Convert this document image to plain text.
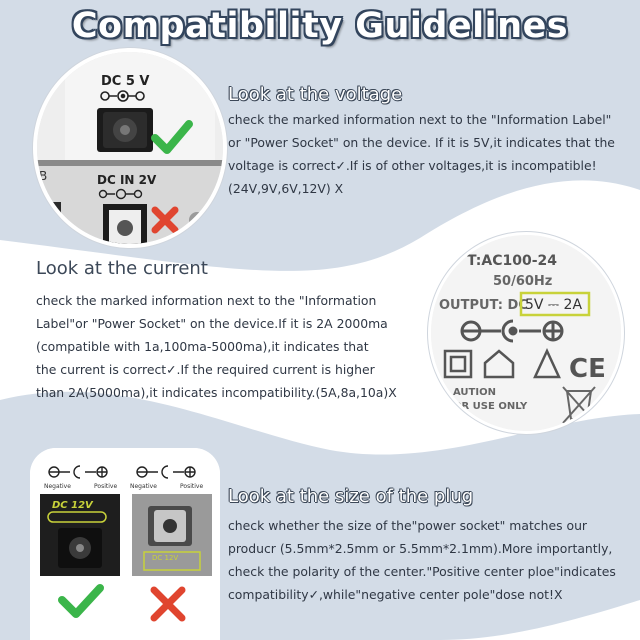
Compatibility Guidelines
DC 5 V
DC IN 2V
B
Look at the voltage
check the marked information next to the "Information Label"
or "Power Socket" on the device. If it is 5V,it indicates that the
voltage is correct✓.If is of other voltages,it is incompatible!
(24V,9V,6V,12V) X
Look at the current
check the marked information next to the "Information
Label"or "Power Socket" on the device.If it is 2A 2000ma
(compatible with 1a,100ma-5000ma),it indicates that
the current is correct✓.If the required current is higher
than 2A(5000ma),it indicates incompatibility.(5A,8a,10a)X
T:AC100-24
50/60Hz
OUTPUT: DC
5V ⎓ 2A
CE
AUTION
OR USE ONLY
Negative	Positive Negative	Positive
DC 12V
DC 12V
Look at the size of the plug
check whether the size of the"power socket" matches our
producr (5.5mm*2.5mm or 5.5mm*2.1mm).More importantly,
check the polarity of the center."Positive center ploe"indicates
compatibility✓,while"negative center pole"dose not!X
